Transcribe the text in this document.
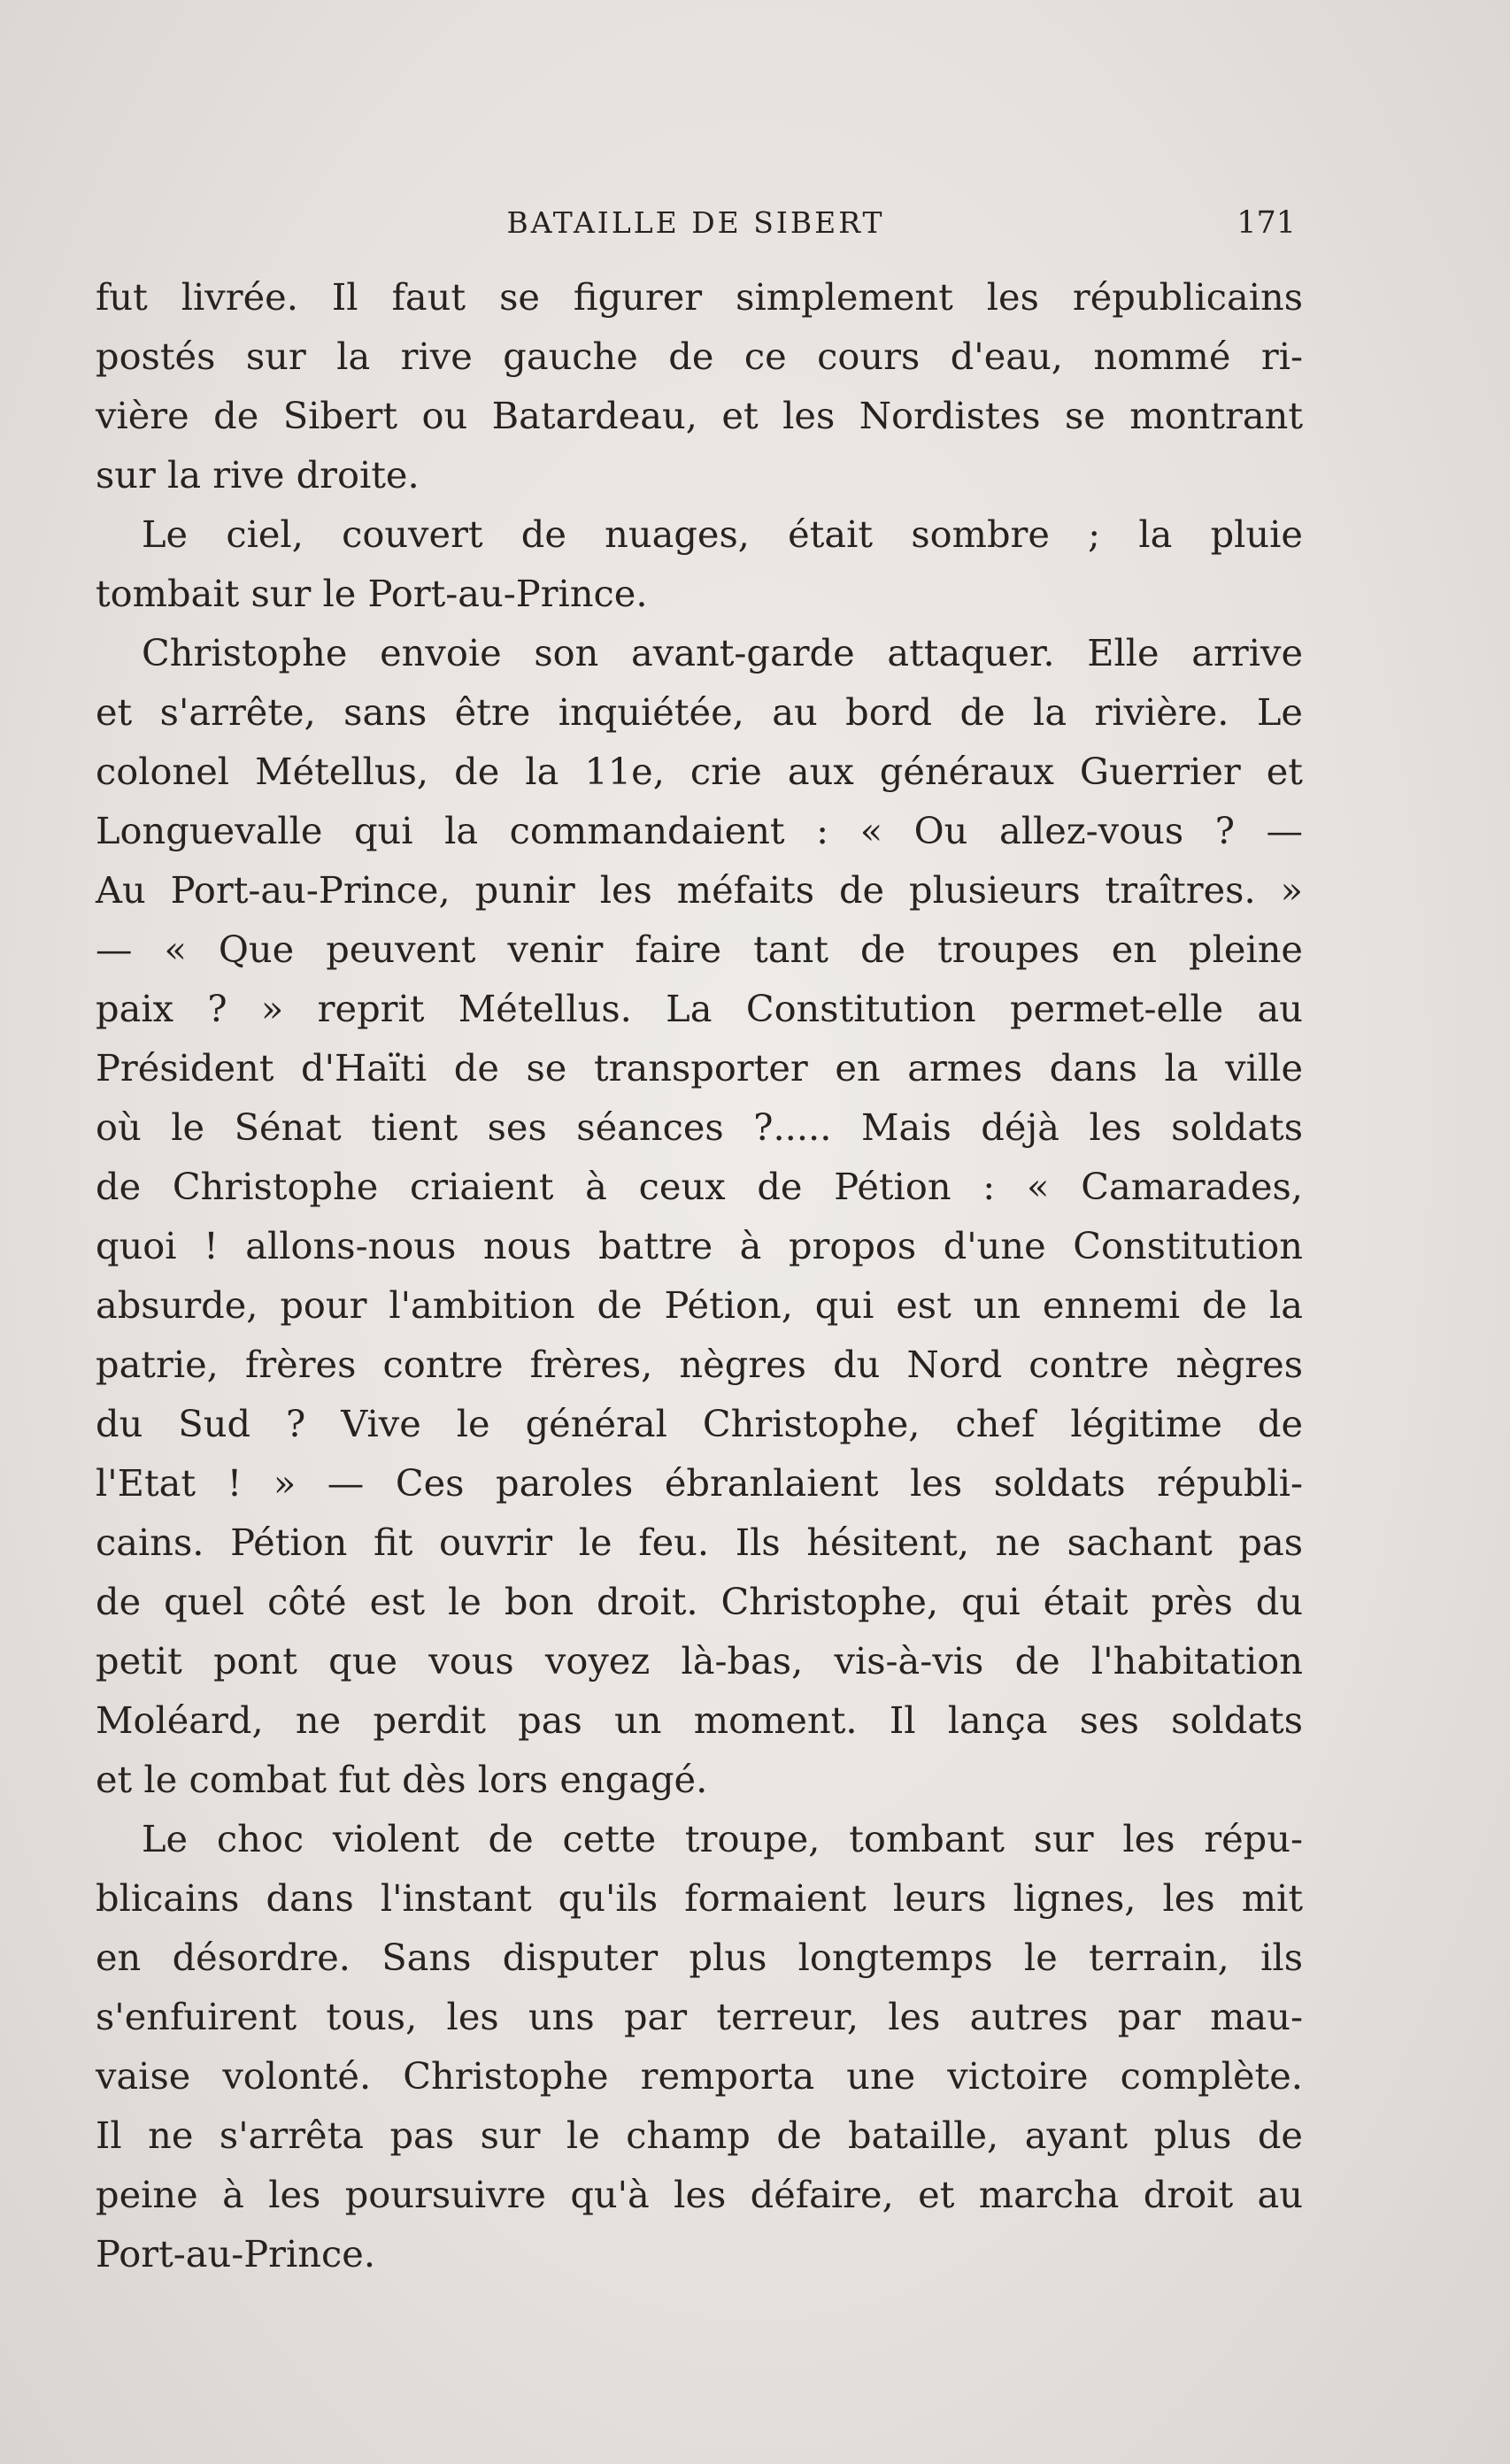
BATAILLE DE SIBERT	171
fut livrée. Il faut se figurer simplement les républicains
postés sur la rive gauche de ce cours d'eau, nommé ri-
vière de Sibert ou Batardeau, et les Nordistes se montrant
sur la rive droite.
Le ciel, couvert de nuages, était sombre ; la pluie
tombait sur le Port-au-Prince.
Christophe envoie son avant-garde attaquer. Elle arrive
et s'arrête, sans être inquiétée, au bord de la rivière. Le
colonel Métellus, de la 11e, crie aux généraux Guerrier et
Longuevalle qui la commandaient : « Ou allez-vous ? —
Au Port-au-Prince, punir les méfaits de plusieurs traîtres. »
— « Que peuvent venir faire tant de troupes en pleine
paix ? » reprit Métellus. La Constitution permet-elle au
Président d'Haïti de se transporter en armes dans la ville
où le Sénat tient ses séances ?..... Mais déjà les soldats
de Christophe criaient à ceux de Pétion : « Camarades,
quoi ! allons-nous nous battre à propos d'une Constitution
absurde, pour l'ambition de Pétion, qui est un ennemi de la
patrie, frères contre frères, nègres du Nord contre nègres
du Sud ? Vive le général Christophe, chef légitime de
l'Etat ! » — Ces paroles ébranlaient les soldats républi-
cains. Pétion fit ouvrir le feu. Ils hésitent, ne sachant pas
de quel côté est le bon droit. Christophe, qui était près du
petit pont que vous voyez là-bas, vis-à-vis de l'habitation
Moléard, ne perdit pas un moment. Il lança ses soldats
et le combat fut dès lors engagé.
Le choc violent de cette troupe, tombant sur les répu-
blicains dans l'instant qu'ils formaient leurs lignes, les mit
en désordre. Sans disputer plus longtemps le terrain, ils
s'enfuirent tous, les uns par terreur, les autres par mau-
vaise volonté. Christophe remporta une victoire complète.
Il ne s'arrêta pas sur le champ de bataille, ayant plus de
peine à les poursuivre qu'à les défaire, et marcha droit au
Port-au-Prince.
